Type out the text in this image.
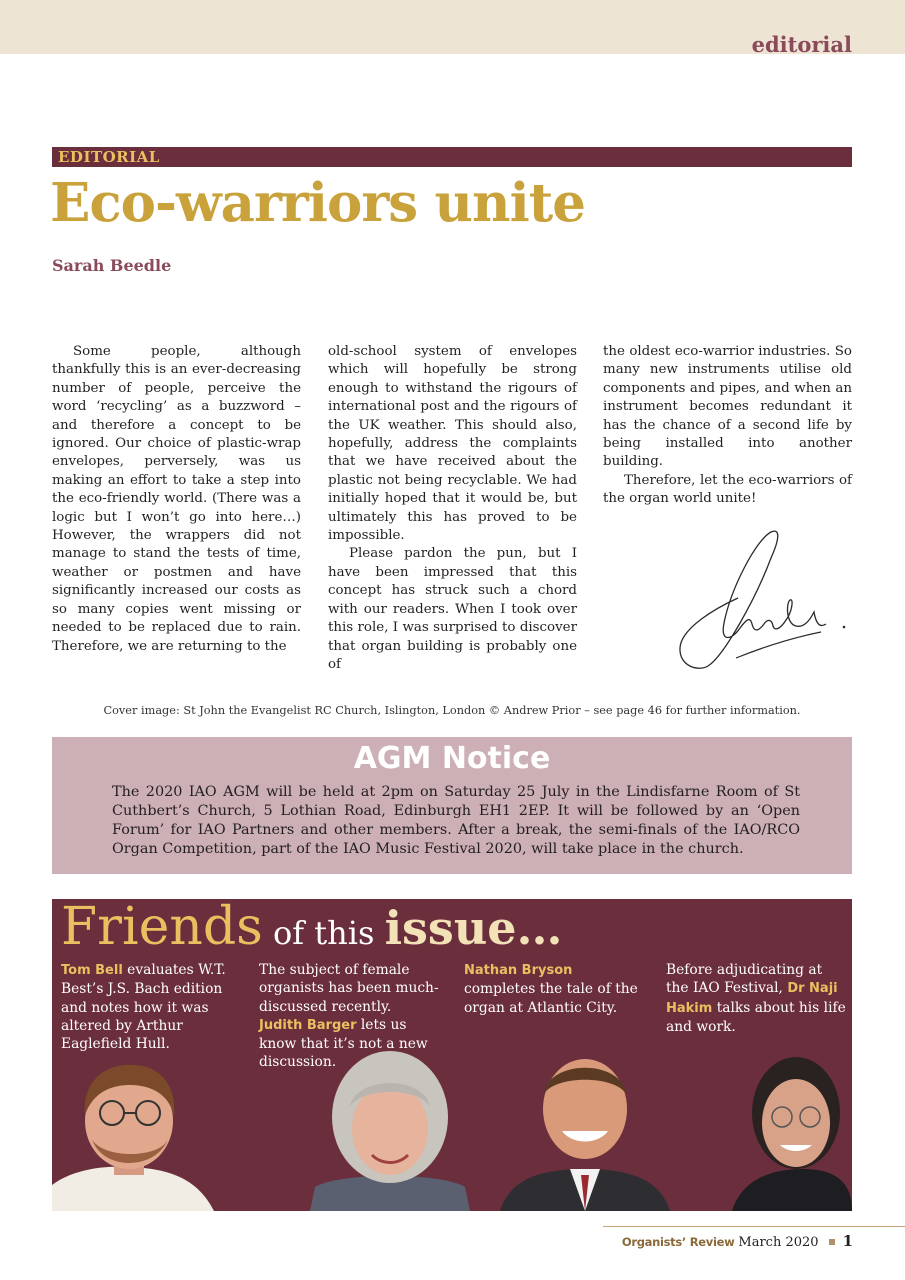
editorial
EDITORIAL
Eco-warriors unite
Sarah Beedle

Some people, although thankfully this is an ever-decreasing number of people, perceive the word ‘recycling’ as a buzzword – and therefore a concept to be ignored. Our choice of plastic-wrap envelopes, perversely, was us making an effort to take a step into the eco-friendly world. (There was a logic but I won’t go into here…) However, the wrappers did not manage to stand the tests of time, weather or postmen and have significantly increased our costs as so many copies went missing or needed to be replaced due to rain. Therefore, we are returning to the

old-school system of envelopes which will hopefully be strong enough to withstand the rigours of international post and the rigours of the UK weather. This should also, hopefully, address the complaints that we have received about the plastic not being recyclable. We had initially hoped that it would be, but ultimately this has proved to be impossible.

Please pardon the pun, but I have been impressed that this concept has struck such a chord with our readers. When I took over this role, I was surprised to discover that organ building is probably one of

the oldest eco-warrior industries. So many new instruments utilise old components and pipes, and when an instrument becomes redundant it has the chance of a second life by being installed into another building.

Therefore, let the eco-warriors of the organ world unite!

Cover image: St John the Evangelist RC Church, Islington, London © Andrew Prior – see page 46 for further information.
AGM Notice
The 2020 IAO AGM will be held at 2pm on Saturday 25 July in the Lindisfarne Room of St Cuthbert’s Church, 5 Lothian Road, Edinburgh EH1 2EP. It will be followed by an ‘Open Forum’ for IAO Partners and other members. After a break, the semi-finals of the IAO/RCO Organ Competition, part of the IAO Music Festival 2020, will take place in the church.
Friends of this issue…
Tom Bell evaluates W.T. Best’s J.S. Bach edition and notes how it was altered by Arthur Eaglefield Hull.
The subject of female organists has been much-discussed recently. Judith Barger lets us know that it’s not a new discussion.
Nathan Bryson completes the tale of the organ at Atlantic City.
Before adjudicating at the IAO Festival, Dr Naji Hakim talks about his life and work.
Organists’ Review March 2020 1
